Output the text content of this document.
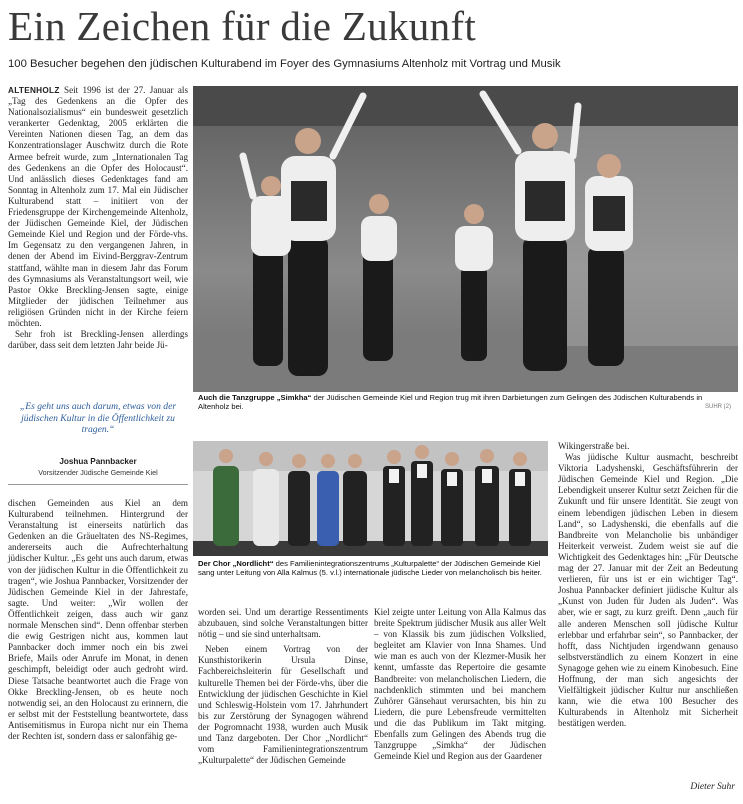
Ein Zeichen für die Zukunft
100 Besucher begehen den jüdischen Kulturabend im Foyer des Gymnasiums Altenholz mit Vortrag und Musik

ALTENHOLZ Seit 1996 ist der 27. Januar als „Tag des Gedenkens an die Opfer des Nationalsozialismus“ ein bundesweit gesetzlich verankerter Gedenktag, 2005 erklärten die Vereinten Nationen diesen Tag, an dem das Konzentrationslager Auschwitz durch die Rote Armee befreit wurde, zum „Internationalen Tag des Gedenkens an die Opfer des Holocaust“. Und anlässlich dieses Gedenktages fand am Sonntag in Altenholz zum 17. Mal ein Jüdischer Kulturabend statt – initiiert von der Friedensgruppe der Kirchengemeinde Altenholz, der Jüdischen Gemeinde Kiel, der Jüdischen Gemeinde Kiel und Region und der Förde-vhs. Im Gegensatz zu den vergangenen Jahren, in denen der Abend im Eivind-Berggrav-Zentrum stattfand, wählte man in diesem Jahr das Forum des Gymnasiums als Veranstaltungsort weil, wie Pastor Okke Breckling-Jensen sagte, einige Mitglieder der jüdischen Teilnehmer aus religiösen Gründen nicht in der Kirche feiern möchten.

Sehr froh ist Breckling-Jensen allerdings darüber, dass seit dem letzten Jahr beide Jü-

Auch die Tanzgruppe „Simkha“ der Jüdischen Gemeinde Kiel und Region trug mit ihren Darbietungen zum Gelingen des Jüdischen Kulturabends in Altenholz bei.	SUHR (2)
„Es geht uns auch darum, etwas von der jüdischen Kultur in die Öffentlichkeit zu tragen.“
Joshua Pannbacker
Vorsitzender Jüdische Gemeinde Kiel

dischen Gemeinden aus Kiel an dem Kulturabend teilnehmen. Hintergrund der Veranstaltung ist einerseits natürlich das Gedenken an die Gräueltaten des NS-Regimes, andererseits auch die Aufrechterhaltung jüdischer Kultur. „Es geht uns auch darum, etwas von der jüdischen Kultur in die Öffentlichkeit zu tragen“, wie Joshua Pannbacker, Vorsitzender der Jüdischen Gemeinde Kiel in der Jahrestafe, sagte. Und weiter: „Wir wollen der Öffentlichkeit zeigen, dass auch wir ganz normale Menschen sind“. Denn offenbar sterben die ewig Gestrigen nicht aus, kommen laut Pannbacker doch immer noch ein bis zwei Briefe, Mails oder Anrufe im Monat, in denen geschimpft, beleidigt oder auch gedroht wird. Diese Tatsache beantwortet auch die Frage von Okke Breckling-Jensen, ob es heute noch notwendig sei, an den Holocaust zu erinnern, die er selbst mit der Feststellung beantwortete, dass Antisemitismus in Europa nicht nur ein Thema der Rechten ist, sondern dass er salonfähig ge-

Der Chor „Nordlicht“ des Familienintegrationszentrums „Kulturpalette“ der Jüdischen Gemeinde Kiel sang unter Leitung von Alla Kalmus (5. v.l.) internationale jüdische Lieder von melancholisch bis heiter.

worden sei. Und um derartige Ressentiments abzubauen, sind solche Veranstaltungen bitter nötig – und sie sind unterhaltsam.

Neben einem Vortrag von der Kunsthistorikerin Ursula Dinse, Fachbereichsleiterin für Gesellschaft und kulturelle Themen bei der Förde-vhs, über die Entwicklung der jüdischen Geschichte in Kiel und Schleswig-Holstein vom 17. Jahrhundert bis zur Zerstörung der Synagogen während der Pogromnacht 1938, wurden auch Musik und Tanz dargeboten. Der Chor „Nordlicht“ vom Familienintegrationszentrum „Kulturpalette“ der Jüdischen Gemeinde

Kiel zeigte unter Leitung von Alla Kalmus das breite Spektrum jüdischer Musik aus aller Welt – von Klassik bis zum jüdischen Volkslied, begleitet am Klavier von Inna Shames. Und wie man es auch von der Klezmer-Musik her kennt, umfasste das Repertoire die gesamte Bandbreite: von melancholischen Liedern, die nachdenklich stimmten und bei manchem Zuhörer Gänsehaut verursachten, bis hin zu Liedern, die pure Lebensfreude vermittelten und die das Publikum im Takt mitging. Ebenfalls zum Gelingen des Abends trug die Tanzgruppe „Simkha“ der Jüdischen Gemeinde Kiel und Region aus der Gaardener

Wikingerstraße bei.

Was jüdische Kultur ausmacht, beschreibt Viktoria Ladyshenski, Geschäftsführerin der Jüdischen Gemeinde Kiel und Region. „Die Lebendigkeit unserer Kultur setzt Zeichen für die Zukunft und für unsere Identität. Sie zeugt von einem lebendigen jüdischen Leben in diesem Land“, so Ladyshenski, die ebenfalls auf die Bandbreite von Melancholie bis unbändiger Heiterkeit verweist. Zudem weist sie auf die Wichtigkeit des Gedenktages hin: „Für Deutsche mag der 27. Januar mit der Zeit an Bedeutung verlieren, für uns ist er ein wichtiger Tag“. Joshua Pannbacker definiert jüdische Kultur als „Kunst von Juden für Juden als Juden“. Was aber, wie er sagt, zu kurz greift. Denn „auch für alle anderen Menschen soll jüdische Kultur erlebbar und erfahrbar sein“, so Pannbacker, der hofft, dass Nichtjuden irgendwann genauso selbstverständlich zu einem Konzert in eine Synagoge gehen wie zu einem Kinobesuch. Eine Hoffnung, der man sich angesichts der Vielfältigkeit jüdischer Kultur nur anschließen kann, wie die etwa 100 Besucher des Kulturabends in Altenholz mit Sicherheit bestätigen werden.

Dieter Suhr
